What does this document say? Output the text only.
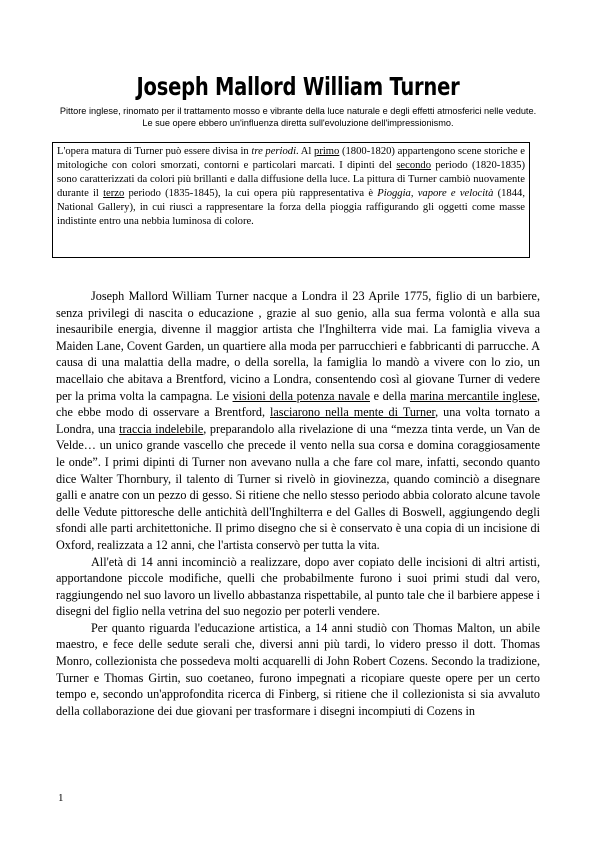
Joseph Mallord William Turner
Pittore inglese, rinomato per il trattamento mosso e vibrante della luce naturale e degli effetti atmosferici nelle vedute. Le sue opere ebbero un'influenza diretta sull'evoluzione dell'impressionismo.
L'opera matura di Turner può essere divisa in tre periodi. Al primo (1800-1820) appartengono scene storiche e mitologiche con colori smorzati, contorni e particolari marcati. I dipinti del secondo periodo (1820-1835) sono caratterizzati da colori più brillanti e dalla diffusione della luce. La pittura di Turner cambiò nuovamente durante il terzo periodo (1835-1845), la cui opera più rappresentativa è Pioggia, vapore e velocità (1844, National Gallery), in cui riuscì a rappresentare la forza della pioggia raffigurando gli oggetti come masse indistinte entro una nebbia luminosa di colore.

Joseph Mallord William Turner nacque a Londra il 23 Aprile 1775, figlio di un barbiere, senza privilegi di nascita o educazione , grazie al suo genio, alla sua ferma volontà e alla sua inesauribile energia, divenne il maggior artista che l'Inghilterra vide mai. La famiglia viveva a Maiden Lane, Covent Garden, un quartiere alla moda per parrucchieri e fabbricanti di parrucche. A causa di una malattia della madre, o della sorella, la famiglia lo mandò a vivere con lo zio, un macellaio che abitava a Brentford, vicino a Londra, consentendo così al giovane Turner di vedere per la prima volta la campagna. Le visioni della potenza navale e della marina mercantile inglese, che ebbe modo di osservare a Brentford, lasciarono nella mente di Turner, una volta tornato a Londra, una traccia indelebile, preparandolo alla rivelazione di una “mezza tinta verde, un Van de Velde… un unico grande vascello che precede il vento nella sua corsa e domina coraggiosamente le onde”. I primi dipinti di Turner non avevano nulla a che fare col mare, infatti, secondo quanto dice Walter Thornbury, il talento di Turner si rivelò in giovinezza, quando cominciò a disegnare galli e anatre con un pezzo di gesso. Si ritiene che nello stesso periodo abbia colorato alcune tavole delle Vedute pittoresche delle antichità dell'Inghilterra e del Galles di Boswell, aggiungendo degli sfondi alle parti architettoniche. Il primo disegno che si è conservato è una copia di un incisione di Oxford, realizzata a 12 anni, che l'artista conservò per tutta la vita.

All'età di 14 anni incominciò a realizzare, dopo aver copiato delle incisioni di altri artisti, apportandone piccole modifiche, quelli che probabilmente furono i suoi primi studi dal vero, raggiungendo nel suo lavoro un livello abbastanza rispettabile, al punto tale che il barbiere appese i disegni del figlio nella vetrina del suo negozio per poterli vendere.

Per quanto riguarda l'educazione artistica, a 14 anni studiò con Thomas Malton, un abile maestro, e fece delle sedute serali che, diversi anni più tardi, lo videro presso il dott. Thomas Monro, collezionista che possedeva molti acquarelli di John Robert Cozens. Secondo la tradizione, Turner e Thomas Girtin, suo coetaneo, furono impegnati a ricopiare queste opere per un certo tempo e, secondo un'approfondita ricerca di Finberg, si ritiene che il collezionista si sia avvaluto della collaborazione dei due giovani per trasformare i disegni incompiuti di Cozens in

1
